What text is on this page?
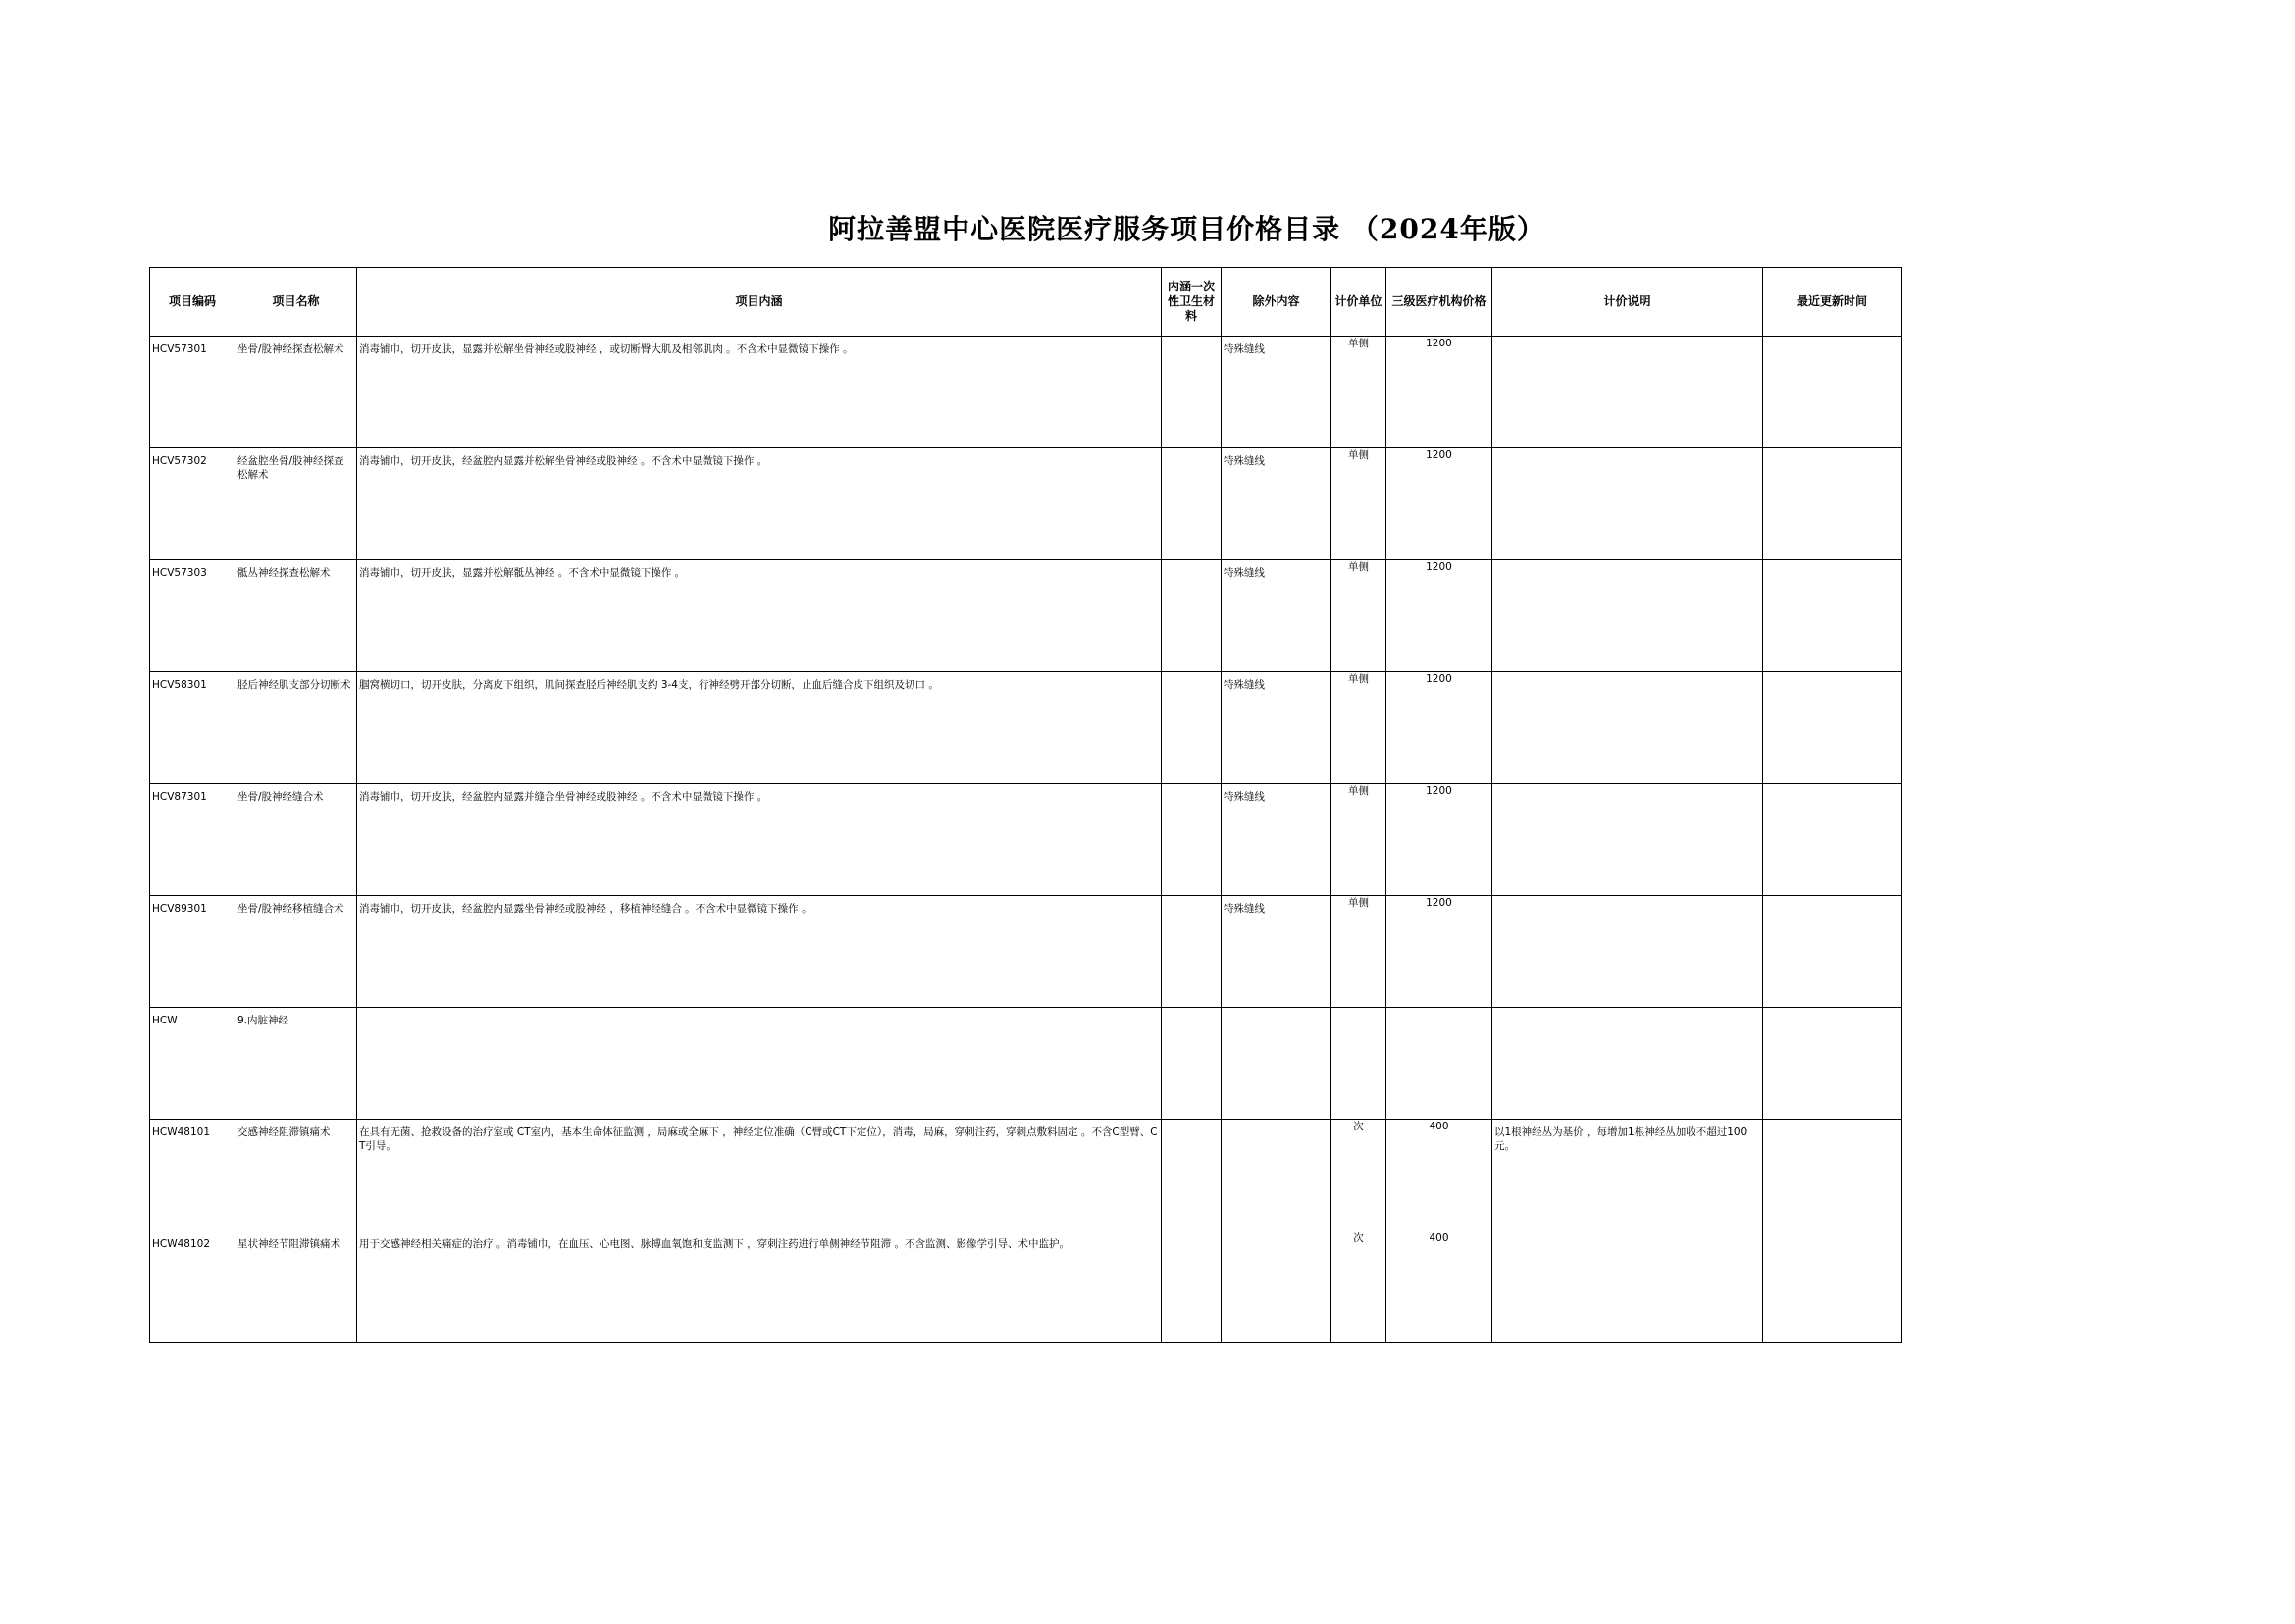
阿拉善盟中心医院医疗服务项目价格目录 （2024年版）
项目编码	项目名称	项目内涵	内涵一次性卫生材料	除外内容	计价单位	三级医疗机构价格	计价说明	最近更新时间

HCV57301	坐骨/股神经探查松解术	消毒铺巾，切开皮肤，显露并松解坐骨神经或股神经 ，或切断臀大肌及相邻肌肉 。不含术中显微镜下操作 。		特殊缝线	单侧	1200		

HCV57302	经盆腔坐骨/股神经探查松解术	消毒铺巾，切开皮肤，经盆腔内显露并松解坐骨神经或股神经 。不含术中显微镜下操作 。		特殊缝线	单侧	1200		

HCV57303	骶丛神经探查松解术	消毒铺巾，切开皮肤，显露并松解骶丛神经 。不含术中显微镜下操作 。		特殊缝线	单侧	1200		

HCV58301	胫后神经肌支部分切断术	腘窝横切口，切开皮肤，分离皮下组织，肌间探查胫后神经肌支约 3-4支，行神经劈开部分切断，止血后缝合皮下组织及切口 。		特殊缝线	单侧	1200		

HCV87301	坐骨/股神经缝合术	消毒铺巾，切开皮肤，经盆腔内显露并缝合坐骨神经或股神经 。不含术中显微镜下操作 。		特殊缝线	单侧	1200		

HCV89301	坐骨/股神经移植缝合术	消毒铺巾，切开皮肤，经盆腔内显露坐骨神经或股神经 ，移植神经缝合 。不含术中显微镜下操作 。		特殊缝线	单侧	1200		

HCW	9.内脏神经							

HCW48101	交感神经阻滞镇痛术	在具有无菌、抢救设备的治疗室或 CT室内，基本生命体征监测 ，局麻或全麻下 ，神经定位准确（C臂或CT下定位），消毒，局麻，穿刺注药，穿刺点敷料固定 。不含C型臂、CT引导。			次	400	以1根神经丛为基价 ，每增加1根神经丛加收不超过100元。	

HCW48102	星状神经节阻滞镇痛术	用于交感神经相关痛症的治疗 。消毒铺巾，在血压、心电图、脉搏血氧饱和度监测下 ，穿刺注药进行单侧神经节阻滞 。不含监测、影像学引导、术中监护。			次	400		
